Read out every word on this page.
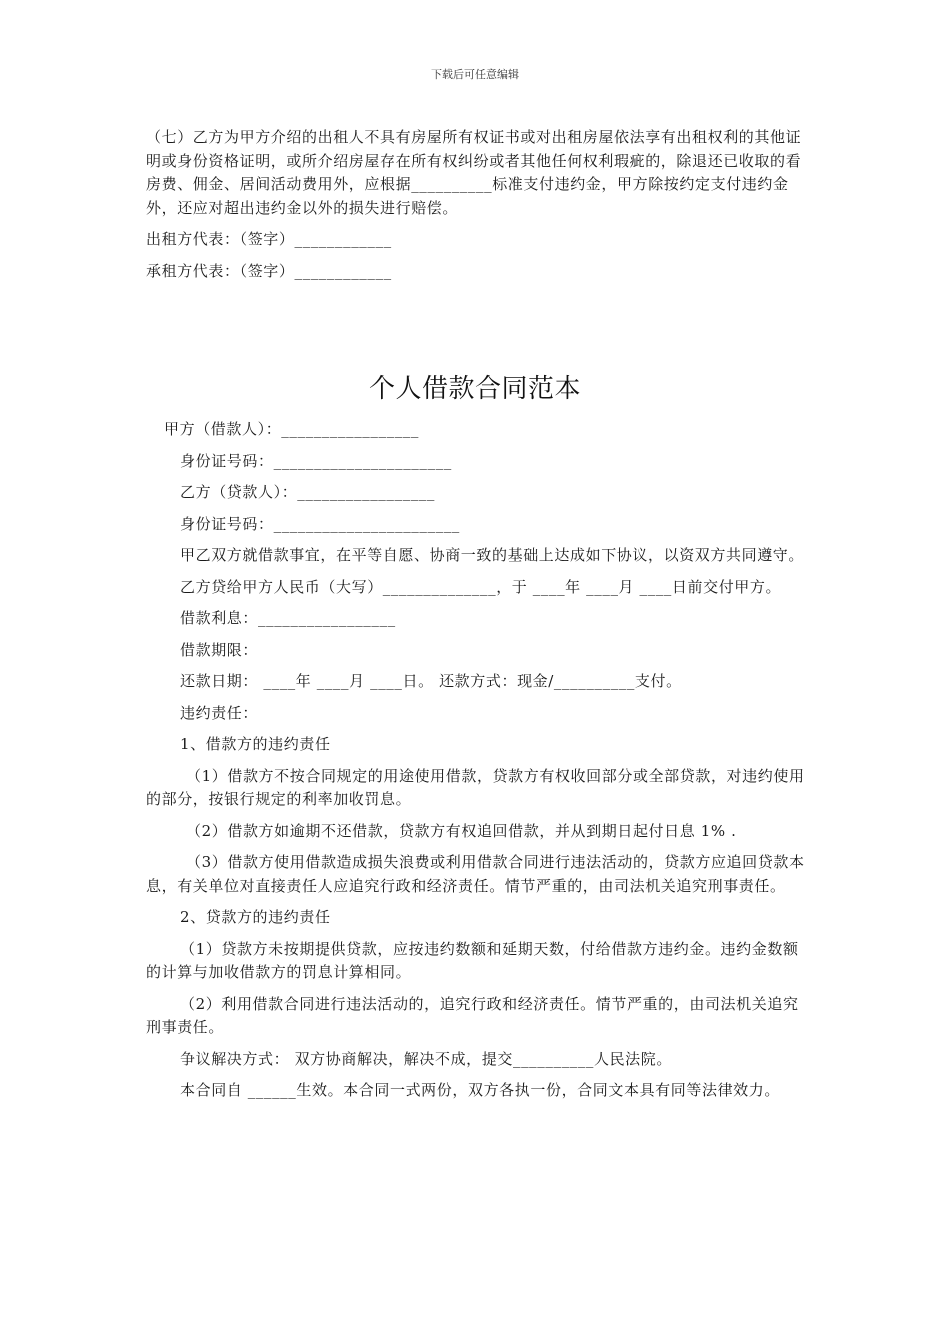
下载后可任意编辑

（七）乙方为甲方介绍的出租人不具有房屋所有权证书或对出租房屋依法享有出租权利的其他证明或身份资格证明，或所介绍房屋存在所有权纠纷或者其他任何权利瑕疵的，除退还已收取的看房费、佣金、居间活动费用外，应根据__________标准支付违约金，甲方除按约定支付违约金外，还应对超出违约金以外的损失进行赔偿。

出租方代表：（签字）____________

承租方代表：（签字）____________

个人借款合同范本

甲方（借款人）：_________________

身份证号码：______________________

乙方（贷款人）：_________________

身份证号码：_______________________

甲乙双方就借款事宜，在平等自愿、协商一致的基础上达成如下协议，以资双方共同遵守。

乙方贷给甲方人民币（大写）______________，于 ____年 ____月 ____日前交付甲方。

借款利息：_________________

借款期限：

还款日期： ____年 ____月 ____日。 还款方式：现金/__________支付。

违约责任：

1、借款方的违约责任

（1）借款方不按合同规定的用途使用借款，贷款方有权收回部分或全部贷款，对违约使用的部分，按银行规定的利率加收罚息。

（2）借款方如逾期不还借款，贷款方有权追回借款，并从到期日起付日息 1% .

（3）借款方使用借款造成损失浪费或利用借款合同进行违法活动的，贷款方应追回贷款本息，有关单位对直接责任人应追究行政和经济责任。情节严重的，由司法机关追究刑事责任。

2、贷款方的违约责任

（1）贷款方未按期提供贷款，应按违约数额和延期天数，付给借款方违约金。违约金数额的计算与加收借款方的罚息计算相同。

（2）利用借款合同进行违法活动的，追究行政和经济责任。情节严重的，由司法机关追究刑事责任。

争议解决方式： 双方协商解决，解决不成，提交__________人民法院。

本合同自 ______生效。本合同一式两份，双方各执一份，合同文本具有同等法律效力。
